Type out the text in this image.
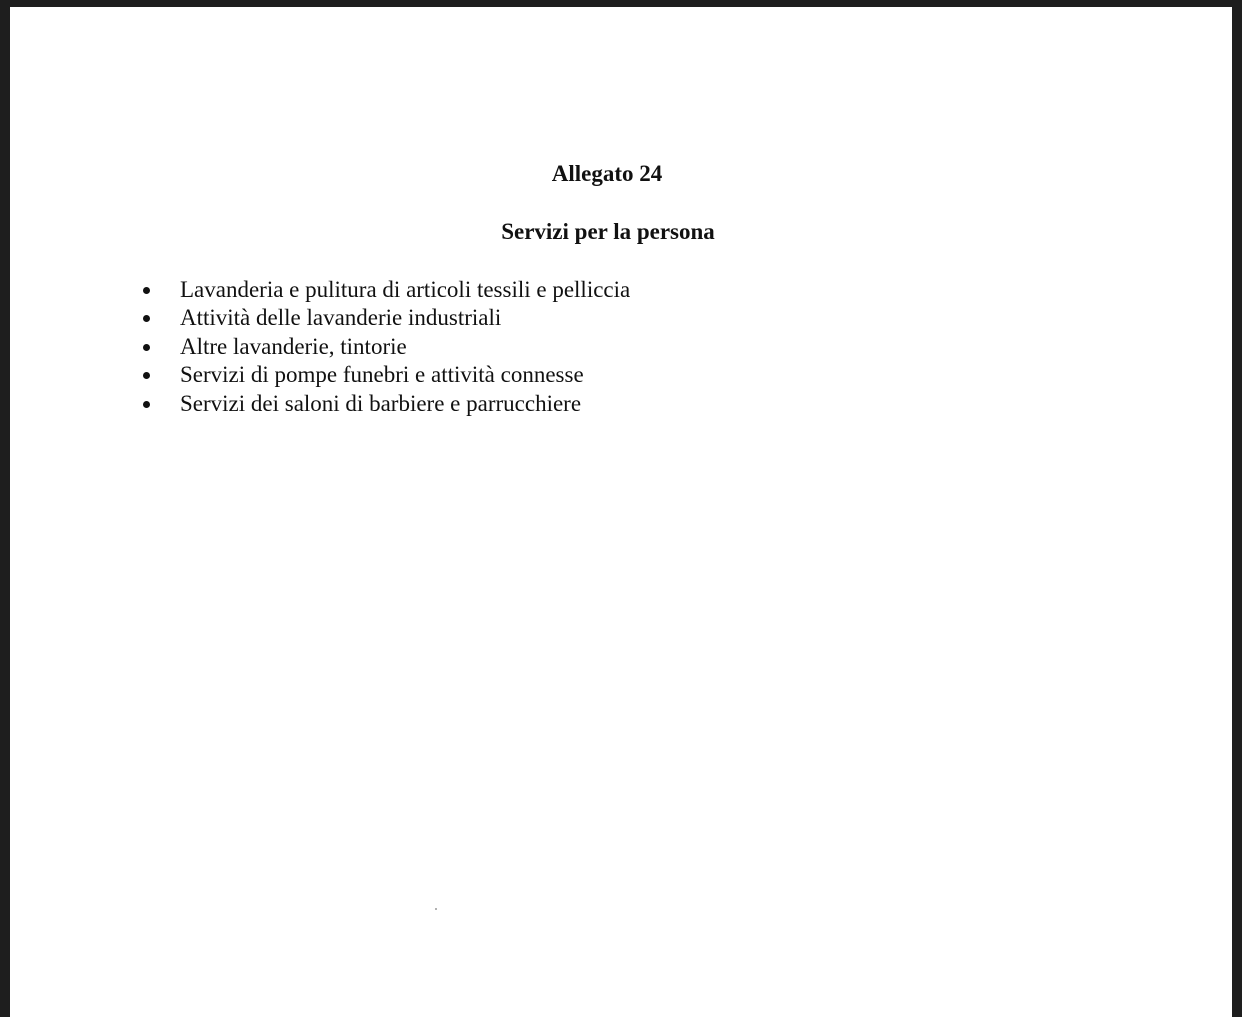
Allegato 24
Servizi per la persona
Lavanderia e pulitura di articoli tessili e pelliccia
Attività delle lavanderie industriali
Altre lavanderie, tintorie
Servizi di pompe funebri e attività connesse
Servizi dei saloni di barbiere e parrucchiere
